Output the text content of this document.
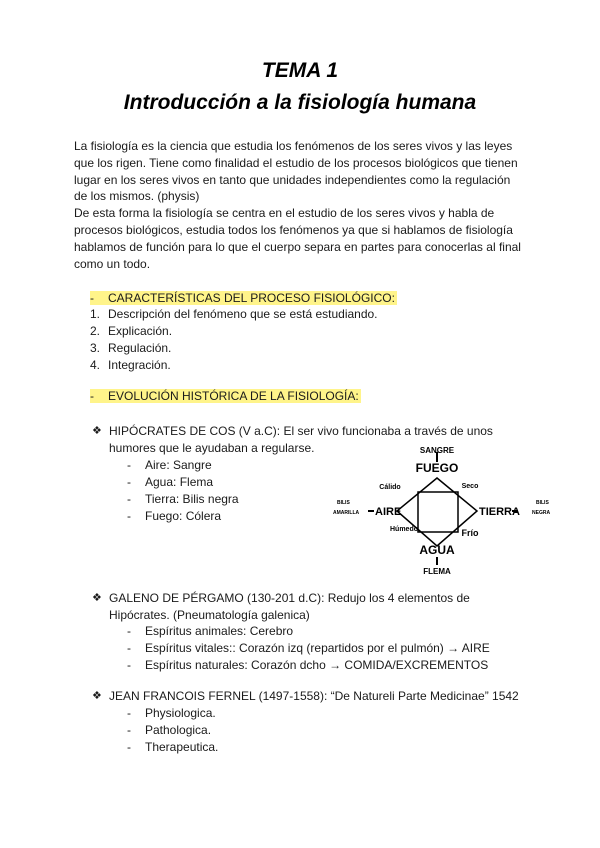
TEMA 1
Introducción a la fisiología humana
La fisiología es la ciencia que estudia los fenómenos de los seres vivos y las leyes
que los rigen. Tiene como finalidad el estudio de los procesos biológicos que tienen
lugar en los seres vivos en tanto que unidades independientes como la regulación
de los mismos. (physis)
De esta forma la fisiología se centra en el estudio de los seres vivos y habla de
procesos biológicos, estudia todos los fenómenos ya que si hablamos de fisiología
hablamos de función para lo que el cuerpo separa en partes para conocerlas al final
como un todo.
- CARACTERÍSTICAS DEL PROCESO FISIOLÓGICO:
1. Descripción del fenómeno que se está estudiando.
2. Explicación.
3. Regulación.
4. Integración.
- EVOLUCIÓN HISTÓRICA DE LA FISIOLOGÍA:
❖ HIPÓCRATES DE COS (V a.C): El ser vivo funcionaba a través de unos
humores que le ayudaban a regularse.
- Aire: Sangre
- Agua: Flema
- Tierra: Bilis negra
- Fuego: Cólera
SANGRE
FUEGO
Cálido	Seco
BILIS
AMARILLA AIRE	TIERRA
BILIS
NEGRA
Húmedo	Frío
AGUA
FLEMA
❖ GALENO DE PÉRGAMO (130-201 d.C): Redujo los 4 elementos de
Hipócrates. (Pneumatología galenica)
- Espíritus animales: Cerebro
- Espíritus vitales:: Corazón izq (repartidos por el pulmón) → AIRE
- Espíritus naturales: Corazón dcho → COMIDA/EXCREMENTOS
❖ JEAN FRANCOIS FERNEL (1497-1558): “De Natureli Parte Medicinae” 1542
- Physiologica.
- Pathologica.
- Therapeutica.
